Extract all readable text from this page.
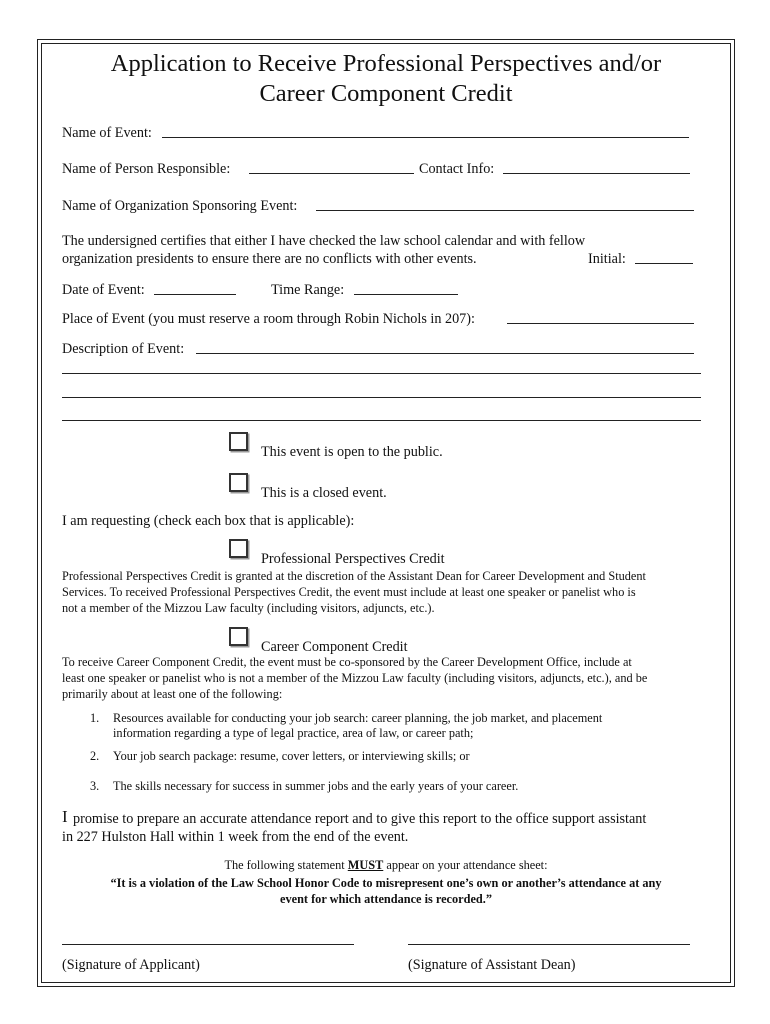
Application to Receive Professional Perspectives and/or
Career Component Credit
Name of Event:
Name of Person Responsible:	Contact Info:
Name of Organization Sponsoring Event:
The undersigned certifies that either I have checked the law school calendar and with fellow
organization presidents to ensure there are no conflicts with other events.	Initial:
Date of Event:	Time Range:
Place of Event (you must reserve a room through Robin Nichols in 207):
Description of Event:
This event is open to the public.
This is a closed event.
I am requesting (check each box that is applicable):
Professional Perspectives Credit
Professional Perspectives Credit is granted at the discretion of the Assistant Dean for Career Development and Student
Services. To received Professional Perspectives Credit, the event must include at least one speaker or panelist who is
not a member of the Mizzou Law faculty (including visitors, adjuncts, etc.).
Career Component Credit
To receive Career Component Credit, the event must be co-sponsored by the Career Development Office, include at
least one speaker or panelist who is not a member of the Mizzou Law faculty (including visitors, adjuncts, etc.), and be
primarily about at least one of the following:
1. Resources available for conducting your job search: career planning, the job market, and placement
information regarding a type of legal practice, area of law, or career path;
2. Your job search package: resume, cover letters, or interviewing skills; or
3. The skills necessary for success in summer jobs and the early years of your career.
I promise to prepare an accurate attendance report and to give this report to the office support assistant
in 227 Hulston Hall within 1 week from the end of the event.
The following statement MUST appear on your attendance sheet:
“It is a violation of the Law School Honor Code to misrepresent one’s own or another’s attendance at any
event for which attendance is recorded.”
(Signature of Applicant)	(Signature of Assistant Dean)
